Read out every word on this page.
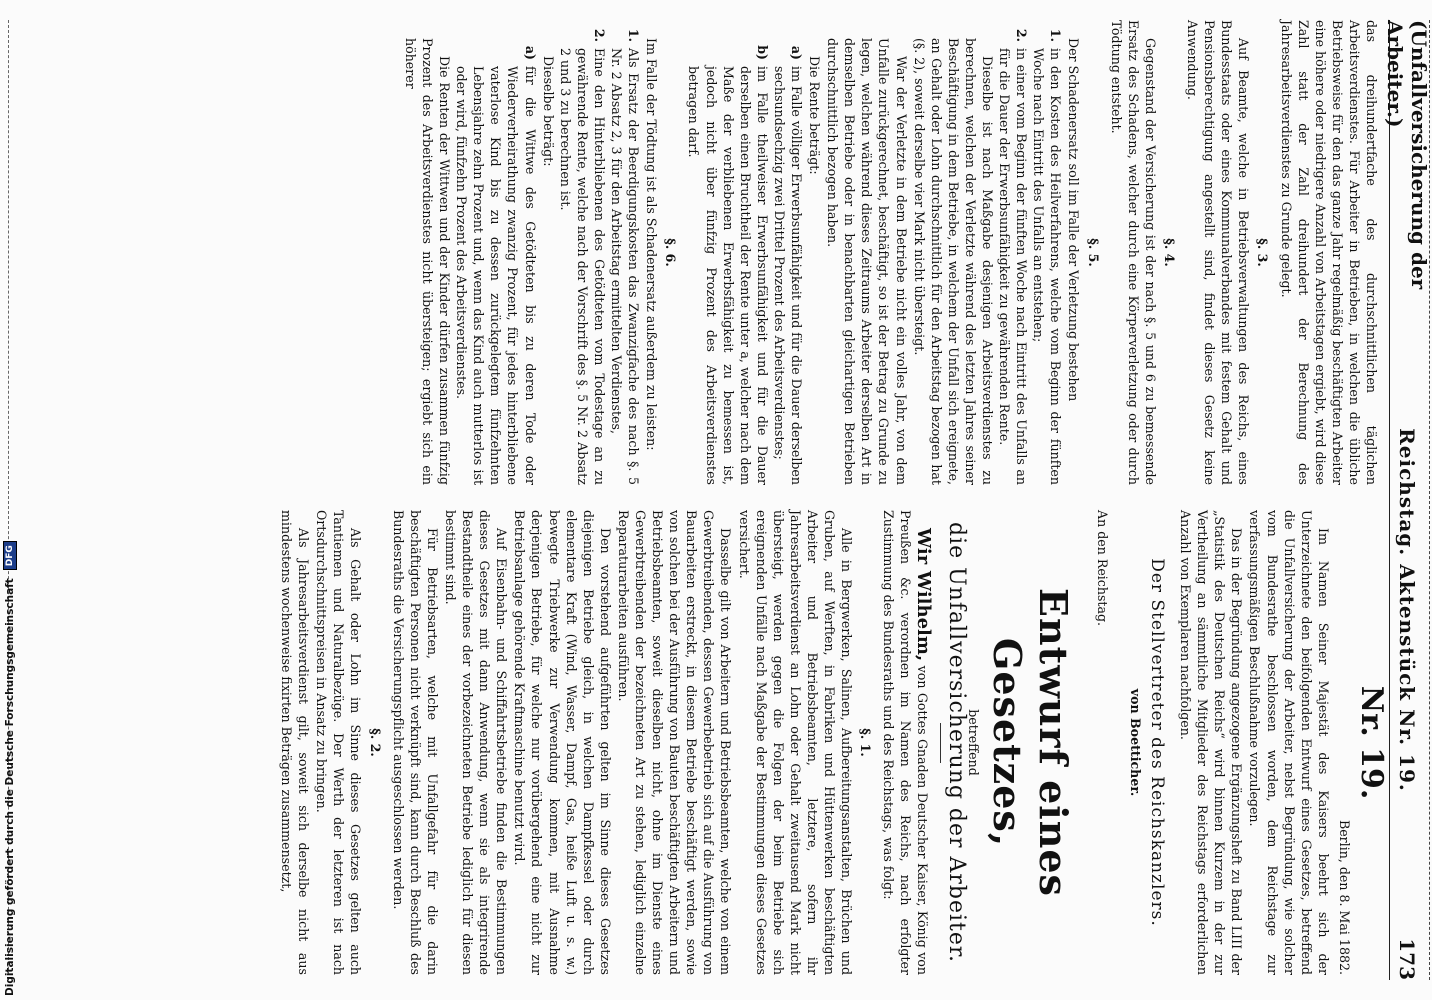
(Unfallversicherung der Arbeiter.)
Reichstag. Aktenstück Nr. 19.
173

das dreihundertfache des durchschnittlichen täglichen Arbeitsverdienstes. Für Arbeiter in Betrieben, in welchen die übliche Betriebsweise für den das ganze Jahr regelmäßig beschäftigten Arbeiter eine höhere oder niedrigere Anzahl von Arbeitstagen ergiebt, wird diese Zahl statt der Zahl dreihundert der Berechnung des Jahresarbeitsverdienstes zu Grunde gelegt.

§. 3.

Auf Beamte, welche in Betriebsverwaltungen des Reichs, eines Bundesstaats oder eines Kommunalverbandes mit festem Gehalt und Pensionsberechtigung angestellt sind, findet dieses Gesetz keine Anwendung.

§. 4.

Gegenstand der Versicherung ist der nach §. 5 und 6 zu bemessende Ersatz des Schadens, welcher durch eine Körperverletzung oder durch Tödtung entsteht.

§. 5.

Der Schadenersatz soll im Falle der Verletzung bestehen

1.
in den Kosten des Heilverfahrens, welche vom Beginn der fünften Woche nach Eintritt des Unfalls an entstehen;
2.
in einer vom Beginn der fünften Woche nach Eintritt des Unfalls an für die Dauer der Erwerbsunfähigkeit zu gewährenden Rente.

Dieselbe ist nach Maßgabe desjenigen Arbeitsverdienstes zu berechnen, welchen der Verletzte während des letzten Jahres seiner Beschäftigung in dem Betriebe, in welchem der Unfall sich ereignete, an Gehalt oder Lohn durchschnittlich für den Arbeitstag bezogen hat (§. 2), soweit derselbe vier Mark nicht übersteigt.

War der Verletzte in dem Betriebe nicht ein volles Jahr, von dem Unfalle zurückgerechnet, beschäftigt, so ist der Betrag zu Grunde zu legen, welchen während dieses Zeitraums Arbeiter derselben Art in demselben Betriebe oder in benachbarten gleichartigen Betrieben durchschnittlich bezogen haben.

Die Rente beträgt:

a)
im Falle völliger Erwerbsunfähigkeit und für die Dauer derselben sechsundsechzig zwei Drittel Prozent des Arbeitsverdienstes;
b)
im Falle theilweiser Erwerbsunfähigkeit und für die Dauer derselben einen Bruchtheil der Rente unter a, welcher nach dem Maße der verbliebenen Erwerbsfähigkeit zu bemessen ist, jedoch nicht über fünfzig Prozent des Arbeitsverdienstes betragen darf.
§. 6.

Im Falle der Tödtung ist als Schadenersatz außerdem zu leisten:

1.
Als Ersatz der Beerdigungskosten das Zwanzigfache des nach §. 5 Nr. 2 Absatz 2, 3 für den Arbeitstag ermittelten Verdienstes,
2.
Eine den Hinterbliebenen des Getödteten vom Todestage an zu gewährende Rente, welche nach der Vorschrift des §. 5 Nr. 2 Absatz 2 und 3 zu berechnen ist.

Dieselbe beträgt:

a)
für die Wittwe des Getödteten bis zu deren Tode oder Wiederverheirathung zwanzig Prozent, für jedes hinterbliebene vaterlose Kind bis zu dessen zurückgelegtem fünfzehnten Lebensjahre zehn Prozent und, wenn das Kind auch mutterlos ist oder wird, fünfzehn Prozent des Arbeitsverdienstes.

Die Renten der Wittwen und der Kinder dürfen zusammen fünfzig Prozent des Arbeitsverdienstes nicht übersteigen; ergiebt sich ein höherer

Nr. 19.
Berlin, den 8. Mai 1882.

Im Namen Seiner Majestät des Kaisers beehrt sich der Unterzeichnete den beifolgenden Entwurf eines Gesetzes, betreffend die Unfallversicherung der Arbeiter, nebst Begründung, wie solcher vom Bundesrathe beschlossen worden, dem Reichstage zur verfassungsmäßigen Beschlußnahme vorzulegen.

Das in der Begründung angezogene Ergänzungsheft zu Band LIII der „Statistik des Deutschen Reichs“ wird binnen Kurzem in der zur Vertheilung an sämmtliche Mitglieder des Reichstags erforderlichen Anzahl von Exemplaren nachfolgen.

Der Stellvertreter des Reichskanzlers.
von Boetticher.
An den Reichstag.
Entwurf eines Gesetzes,
betreffend
die Unfallversicherung der Arbeiter.

Wir Wilhelm, von Gottes Gnaden Deutscher Kaiser, König von Preußen &c. verordnen im Namen des Reichs, nach erfolgter Zustimmung des Bundesraths und des Reichstags, was folgt:

§. 1.

Alle in Bergwerken, Salinen, Aufbereitungsanstalten, Brüchen und Gruben, auf Werften, in Fabriken und Hüttenwerken beschäftigten Arbeiter und Betriebsbeamten, letztere, sofern ihr Jahresarbeitsverdienst an Lohn oder Gehalt zweitausend Mark nicht übersteigt, werden gegen die Folgen der beim Betriebe sich ereignenden Unfälle nach Maßgabe der Bestimmungen dieses Gesetzes versichert.

Dasselbe gilt von Arbeitern und Betriebsbeamten, welche von einem Gewerbtreibenden, dessen Gewerbebetrieb sich auf die Ausführung von Bauarbeiten erstreckt, in diesem Betriebe beschäftigt werden, sowie von solchen bei der Ausführung von Bauten beschäftigten Arbeitern und Betriebsbeamten, soweit dieselben nicht, ohne im Dienste eines Gewerbtreibenden der bezeichneten Art zu stehen, lediglich einzelne Reparaturarbeiten ausführen.

Den vorstehend aufgeführten gelten im Sinne dieses Gesetzes diejenigen Betriebe gleich, in welchen Dampfkessel oder durch elementare Kraft (Wind, Wasser, Dampf, Gas, heiße Luft u. s. w.) bewegte Triebwerke zur Verwendung kommen, mit Ausnahme derjenigen Betriebe, für welche nur vorübergehend eine nicht zur Betriebsanlage gehörende Kraftmaschine benutzt wird.

Auf Eisenbahn- und Schiffahrtsbetriebe finden die Bestimmungen dieses Gesetzes mit dann Anwendung, wenn sie als integrirende Bestandtheile eines der vorbezeichneten Betriebe lediglich für diesen bestimmt sind.

Für Betriebsarten, welche mit Unfallgefahr für die darin beschäftigten Personen nicht verknüpft sind, kann durch Beschluß des Bundesraths die Versicherungspflicht ausgeschlossen werden.

§. 2.

Als Gehalt oder Lohn im Sinne dieses Gesetzes gelten auch Tantiemen und Naturalbezüge. Der Werth der letzteren ist nach Ortsdurchschnittspreisen in Ansatz zu bringen.

Als Jahresarbeitsverdienst gilt, soweit sich derselbe nicht aus mindestens wochenweise fixirten Beträgen zusammensetzt,

Digitalisierung gefördert durch die Deutsche Forschungsgemeinschaft
DFG
